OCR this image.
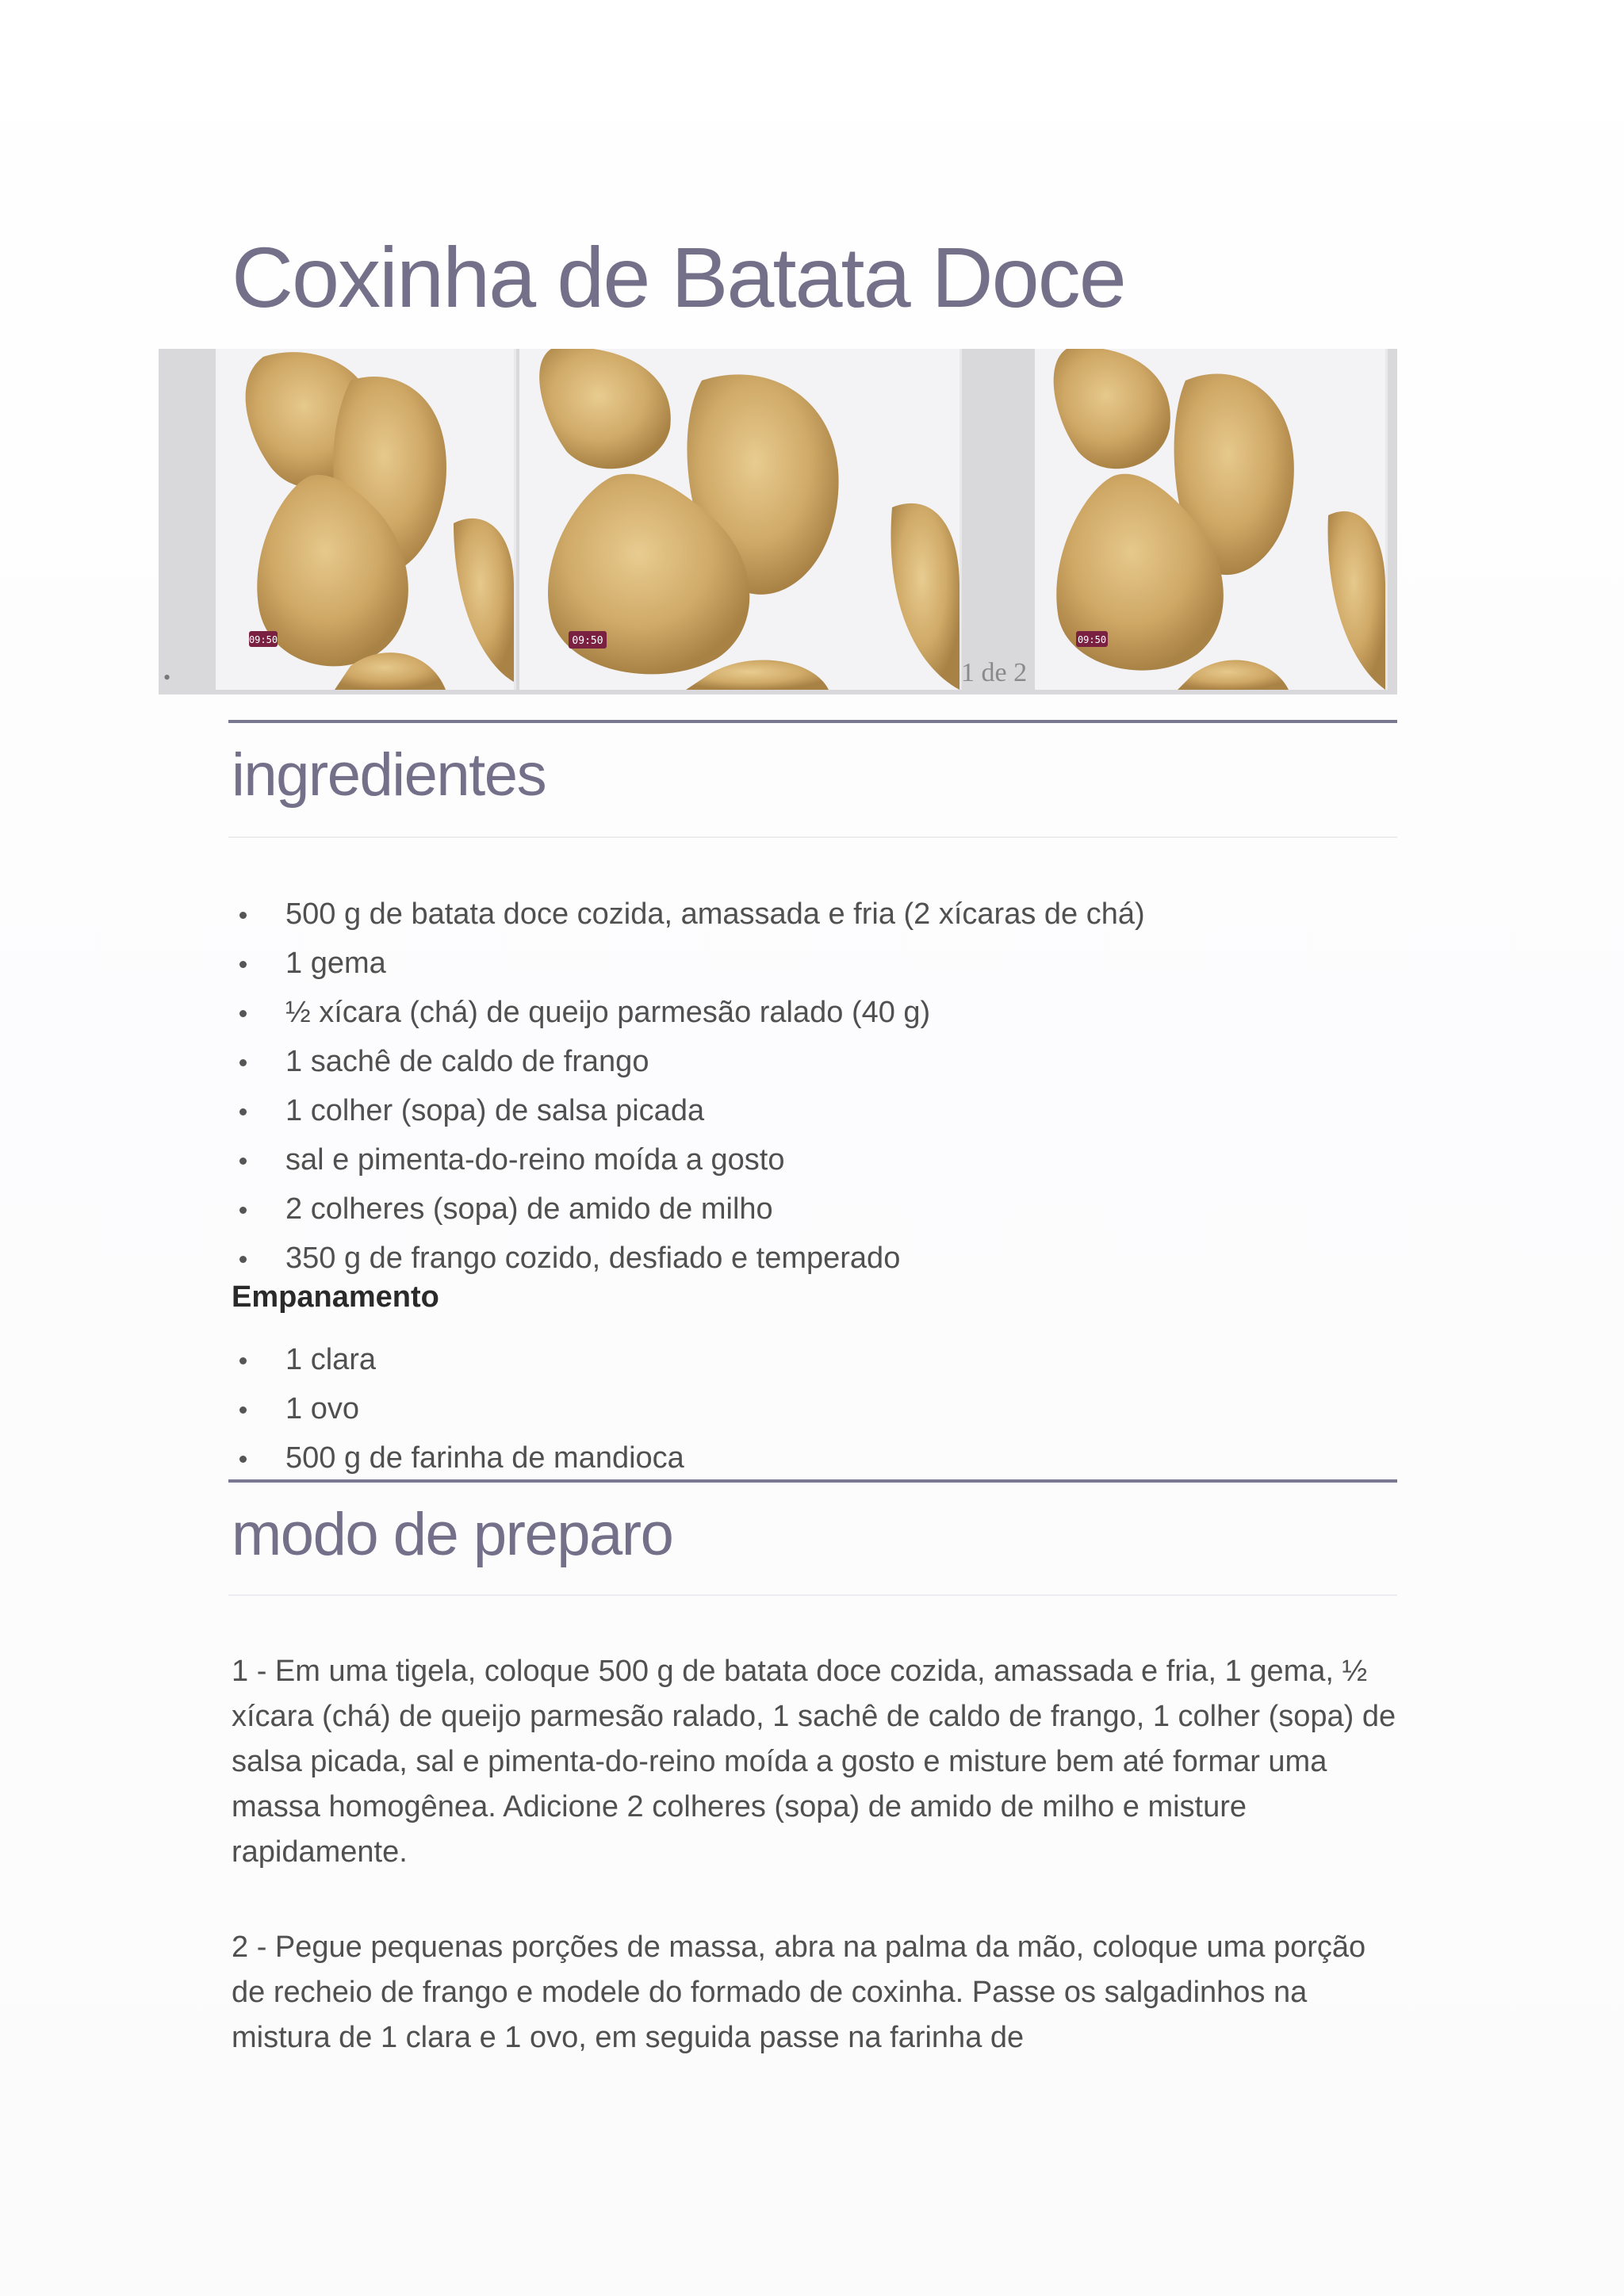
Coxinha de Batata Doce
09:50	09:50	09:50
•	1 de 2
ingredientes
500 g de batata doce cozida, amassada e fria (2 xícaras de chá)
1 gema
½ xícara (chá) de queijo parmesão ralado (40 g)
1 sachê de caldo de frango
1 colher (sopa) de salsa picada
sal e pimenta-do-reino moída a gosto
2 colheres (sopa) de amido de milho
350 g de frango cozido, desfiado e temperado
Empanamento
1 clara
1 ovo
500 g de farinha de mandioca
modo de preparo

1 - Em uma tigela, coloque 500 g de batata doce cozida, amassada e fria, 1 gema, ½ xícara (chá) de queijo parmesão ralado, 1 sachê de caldo de frango, 1 colher (sopa) de salsa picada, sal e pimenta-do-reino moída a gosto e misture bem até formar uma massa homogênea. Adicione 2 colheres (sopa) de amido de milho e misture rapidamente.

2 - Pegue pequenas porções de massa, abra na palma da mão, coloque uma porção de recheio de frango e modele do formado de coxinha. Passe os salgadinhos na mistura de 1 clara e 1 ovo, em seguida passe na farinha de
